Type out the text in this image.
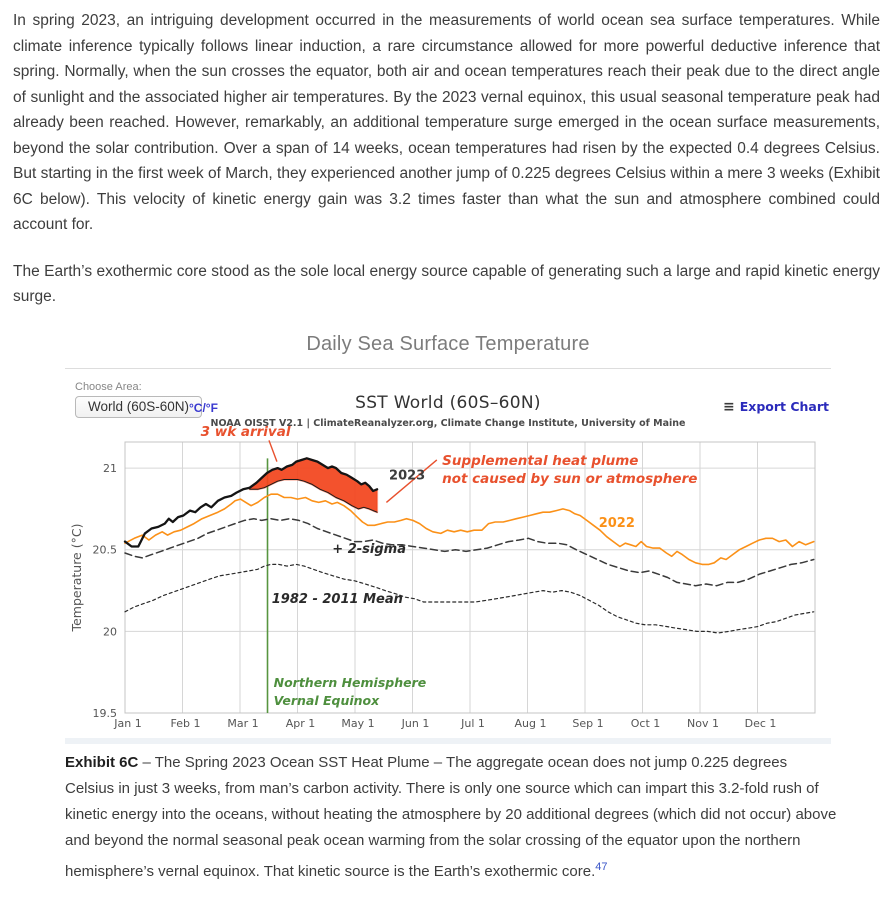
In spring 2023, an intriguing development occurred in the measurements of world ocean sea surface temperatures. While climate inference typically follows linear induction, a rare circumstance allowed for more powerful deductive inference that spring. Normally, when the sun crosses the equator, both air and ocean temperatures reach their peak due to the direct angle of sunlight and the associated higher air temperatures. By the 2023 vernal equinox, this usual seasonal temperature peak had already been reached. However, remarkably, an additional temperature surge emerged in the ocean surface measurements, beyond the solar contribution. Over a span of 14 weeks, ocean temperatures had risen by the expected 0.4 degrees Celsius. But starting in the first week of March, they experienced another jump of 0.225 degrees Celsius within a mere 3 weeks (Exhibit 6C below). This velocity of kinetic energy gain was 3.2 times faster than what the sun and atmosphere combined could account for.

The Earth’s exothermic core stood as the sole local energy source capable of generating such a large and rapid kinetic energy surge.

Daily Sea Surface Temperature
Choose Area:
World (60S-60N) °C/°F	SST World (60S–60N)
NOAA OISST V2.1 | ClimateReanalyzer.org, Climate Change Institute, University of Maine
≡ Export Chart
Jan 1	Feb 1 Mar 1 Apr 1 May 1 Jun 1	Jul 1	Aug 1 Sep 1 Oct 1 Nov 1 Dec 1
19.5
20
20.5
21
Temperature (°C)
3 wk arrival
Supplemental heat plume not caused by sun or atmosphere
2023
2022
+ 2-sigma
1982 - 2011 Mean
Northern Hemisphere Vernal Equinox

Exhibit 6C – The Spring 2023 Ocean SST Heat Plume – The aggregate ocean does not jump 0.225 degrees Celsius in just 3 weeks, from man’s carbon activity. There is only one source which can impart this 3.2-fold rush of kinetic energy into the oceans, without heating the atmosphere by 20 additional degrees (which did not occur) above and beyond the normal seasonal peak ocean warming from the solar crossing of the equator upon the northern hemisphere’s vernal equinox. That kinetic source is the Earth’s exothermic core.$^{47}$
